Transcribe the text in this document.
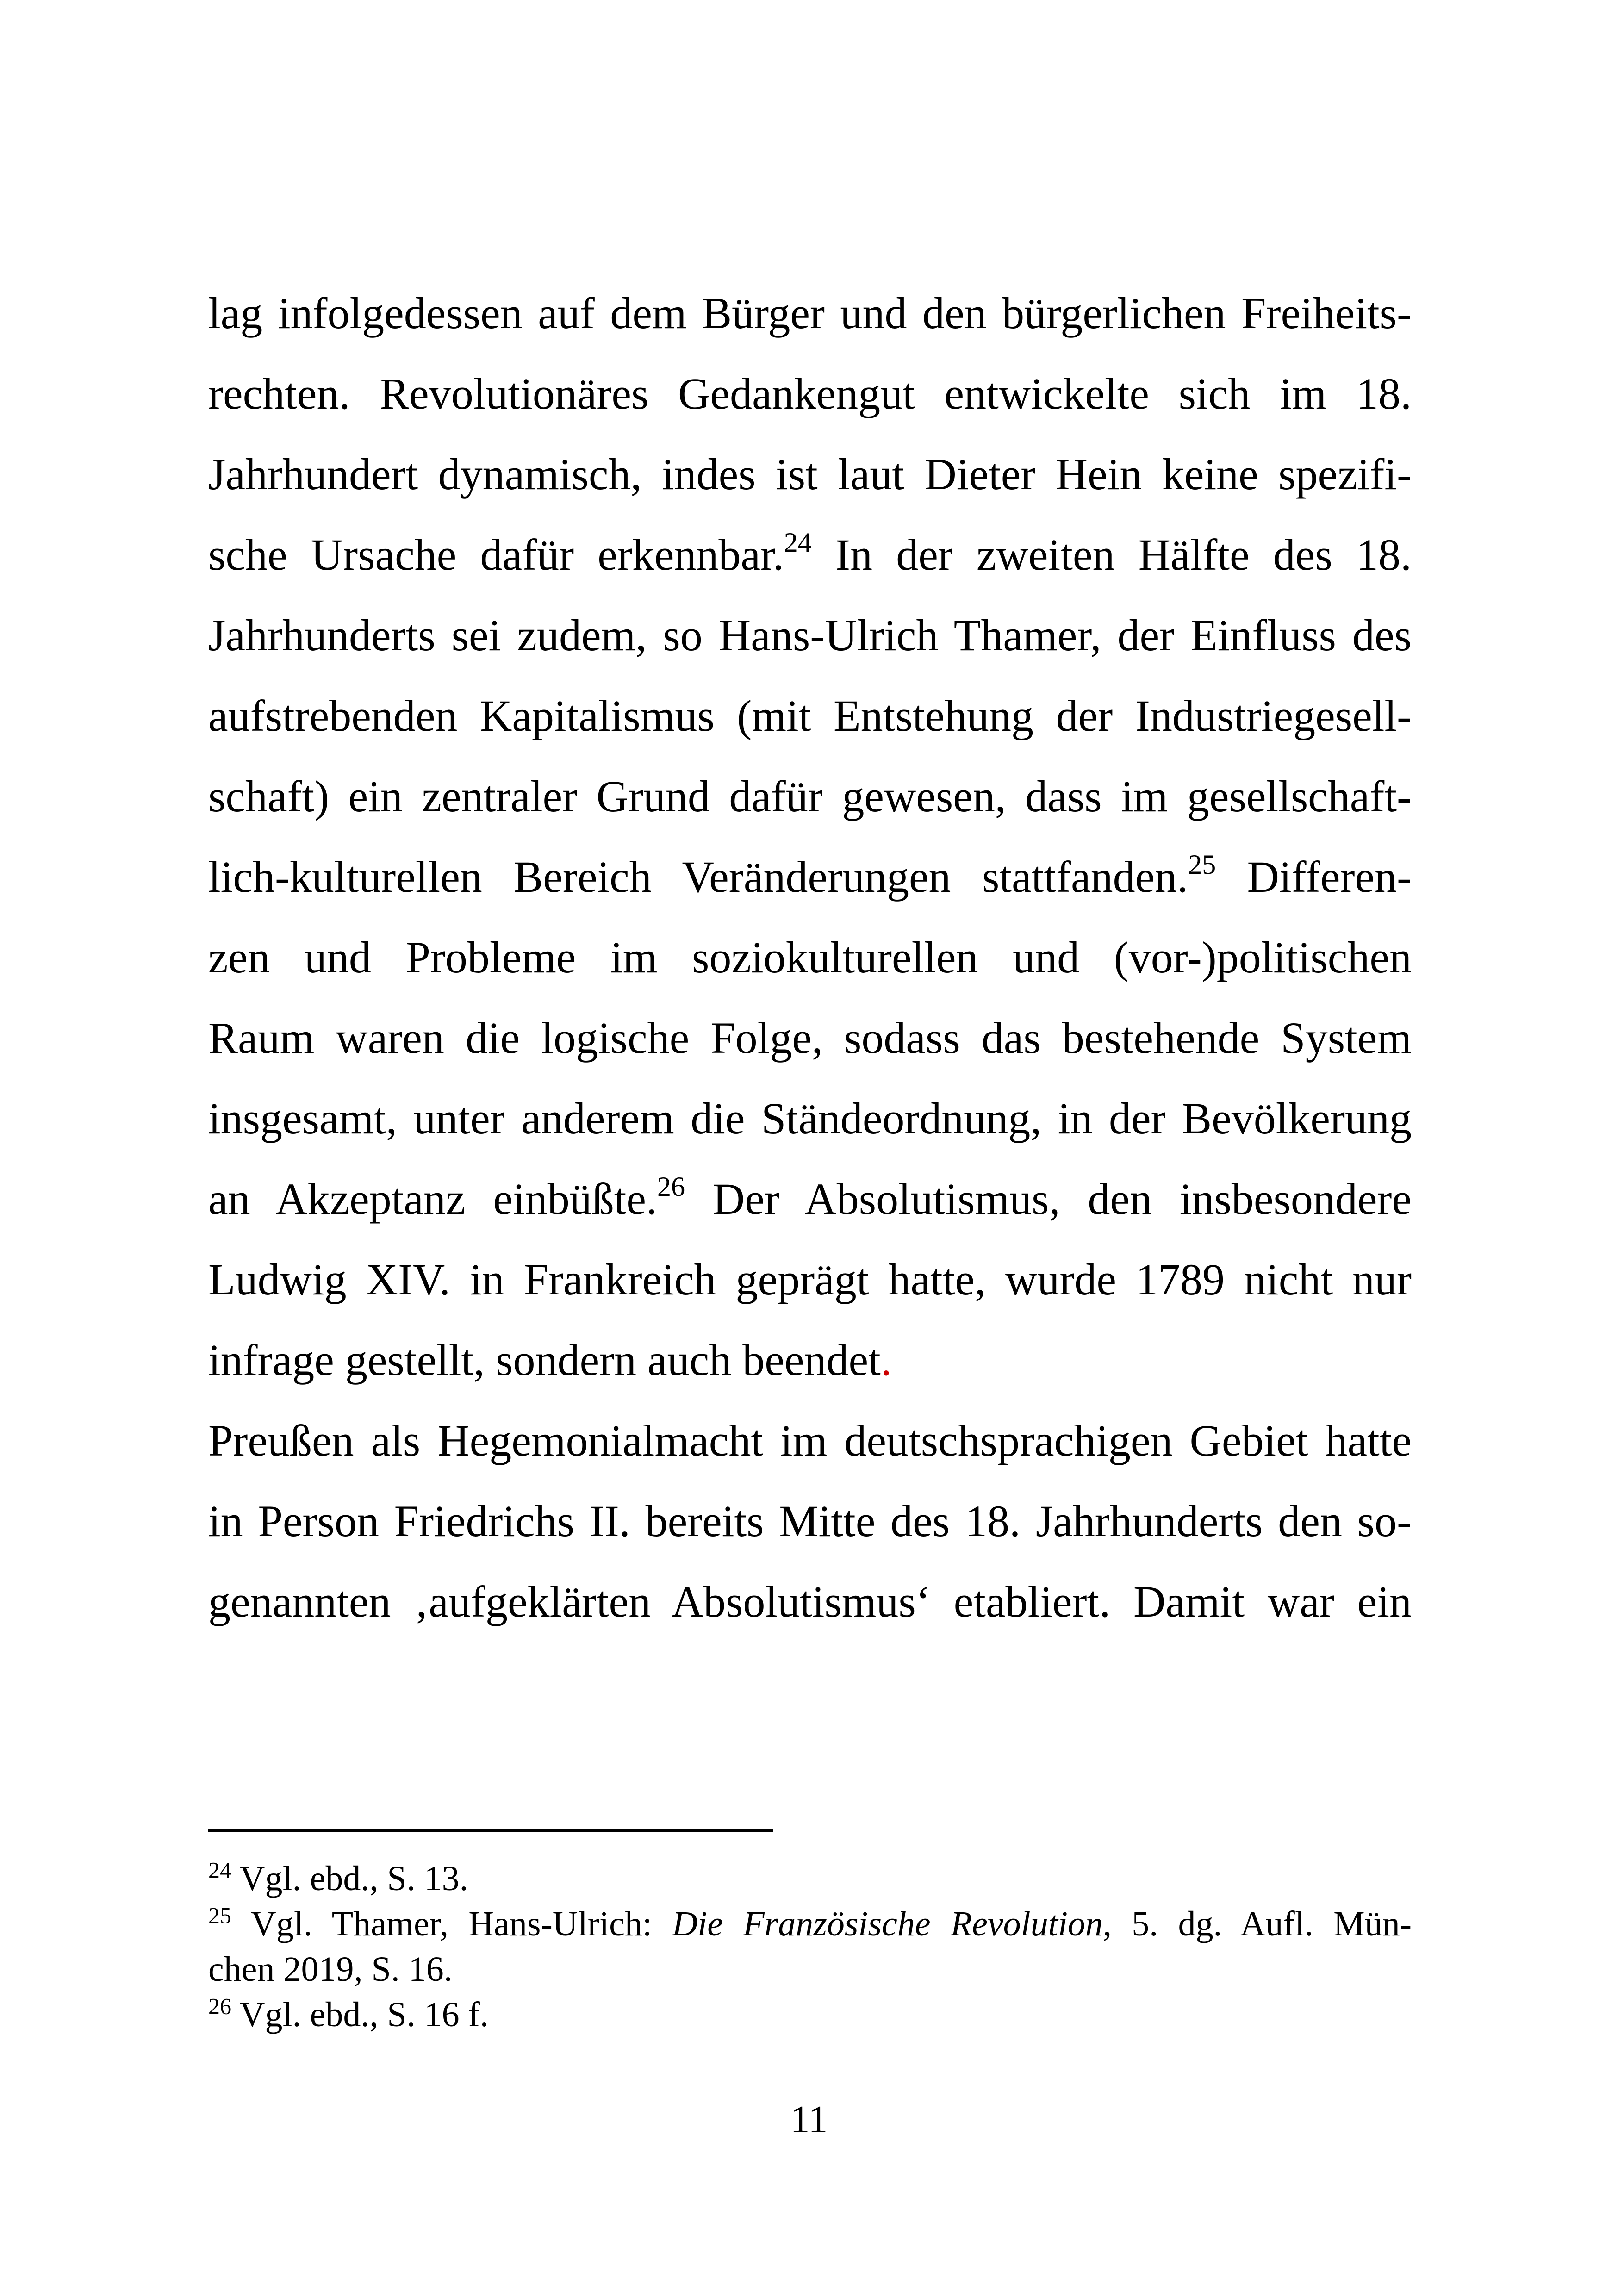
lag infolgedessen auf dem Bürger und den bürgerlichen Freiheits-
rechten. Revolutionäres Gedankengut entwickelte sich im 18.
Jahrhundert dynamisch, indes ist laut Dieter Hein keine spezifi-
sche Ursache dafür erkennbar.$^{24}$ In der zweiten Hälfte des 18.
Jahrhunderts sei zudem, so Hans-Ulrich Thamer, der Einfluss des
aufstrebenden Kapitalismus (mit Entstehung der Industriegesell-
schaft) ein zentraler Grund dafür gewesen, dass im gesellschaft-
lich-kulturellen Bereich Veränderungen stattfanden.$^{25}$ Differen-
zen und Probleme im soziokulturellen und (vor-)politischen
Raum waren die logische Folge, sodass das bestehende System
insgesamt, unter anderem die Ständeordnung, in der Bevölkerung
an Akzeptanz einbüßte.$^{26}$ Der Absolutismus, den insbesondere
Ludwig XIV. in Frankreich geprägt hatte, wurde 1789 nicht nur
infrage gestellt, sondern auch beendet.
Preußen als Hegemonialmacht im deutschsprachigen Gebiet hatte
in Person Friedrichs II. bereits Mitte des 18. Jahrhunderts den so-
genannten ‚aufgeklärten Absolutismus‘ etabliert. Damit war ein
$^{24}$ Vgl. ebd., S. 13.
$^{25}$ Vgl. Thamer, Hans-Ulrich: Die Französische Revolution, 5. dg. Aufl. Mün-
chen 2019, S. 16.
$^{26}$ Vgl. ebd., S. 16 f.
11
